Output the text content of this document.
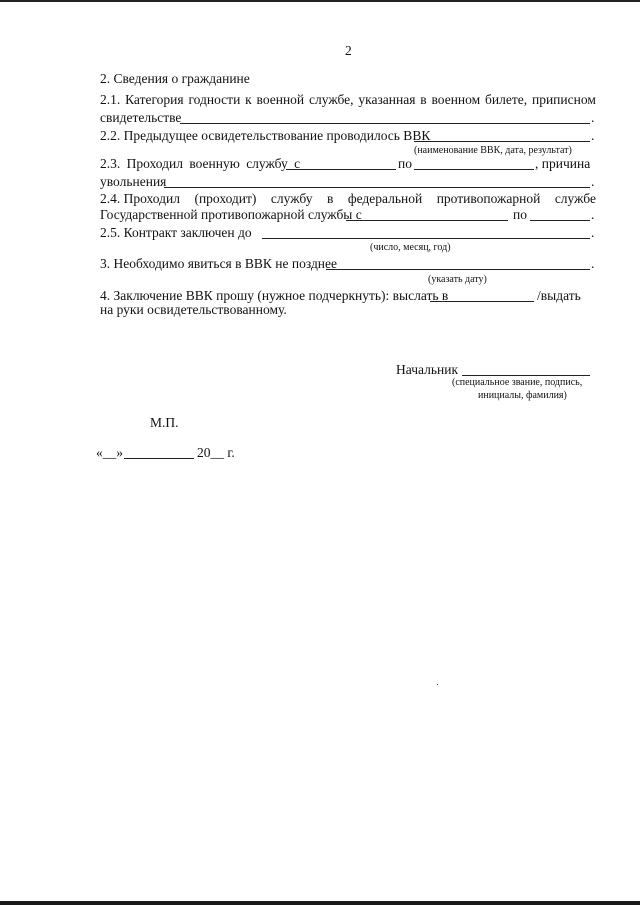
2
2. Сведения о гражданине
2.1. Категория годности к военной службе, указанная в военном билете, приписном
свидетельстве	.
2.2. Предыдущее освидетельствование проводилось ВВК	.
(наименование ВВК, дата, результат)
2.3. Проходил военную службу с	по	, причина
увольнения	.
2.4. Проходил (проходит) службу в федеральной противопожарной службе
Государственной противопожарной службы с	по	.
2.5. Контракт заключен до	.
(число, месяц, год)
3. Необходимо явиться в ВВК не позднее	.
(указать дату)
4. Заключение ВВК прошу (нужное подчеркнуть): выслать в	/выдать
на руки освидетельствованному.
Начальник
(специальное звание, подпись,
инициалы, фамилия)
М.П.
«__»	20__ г.
